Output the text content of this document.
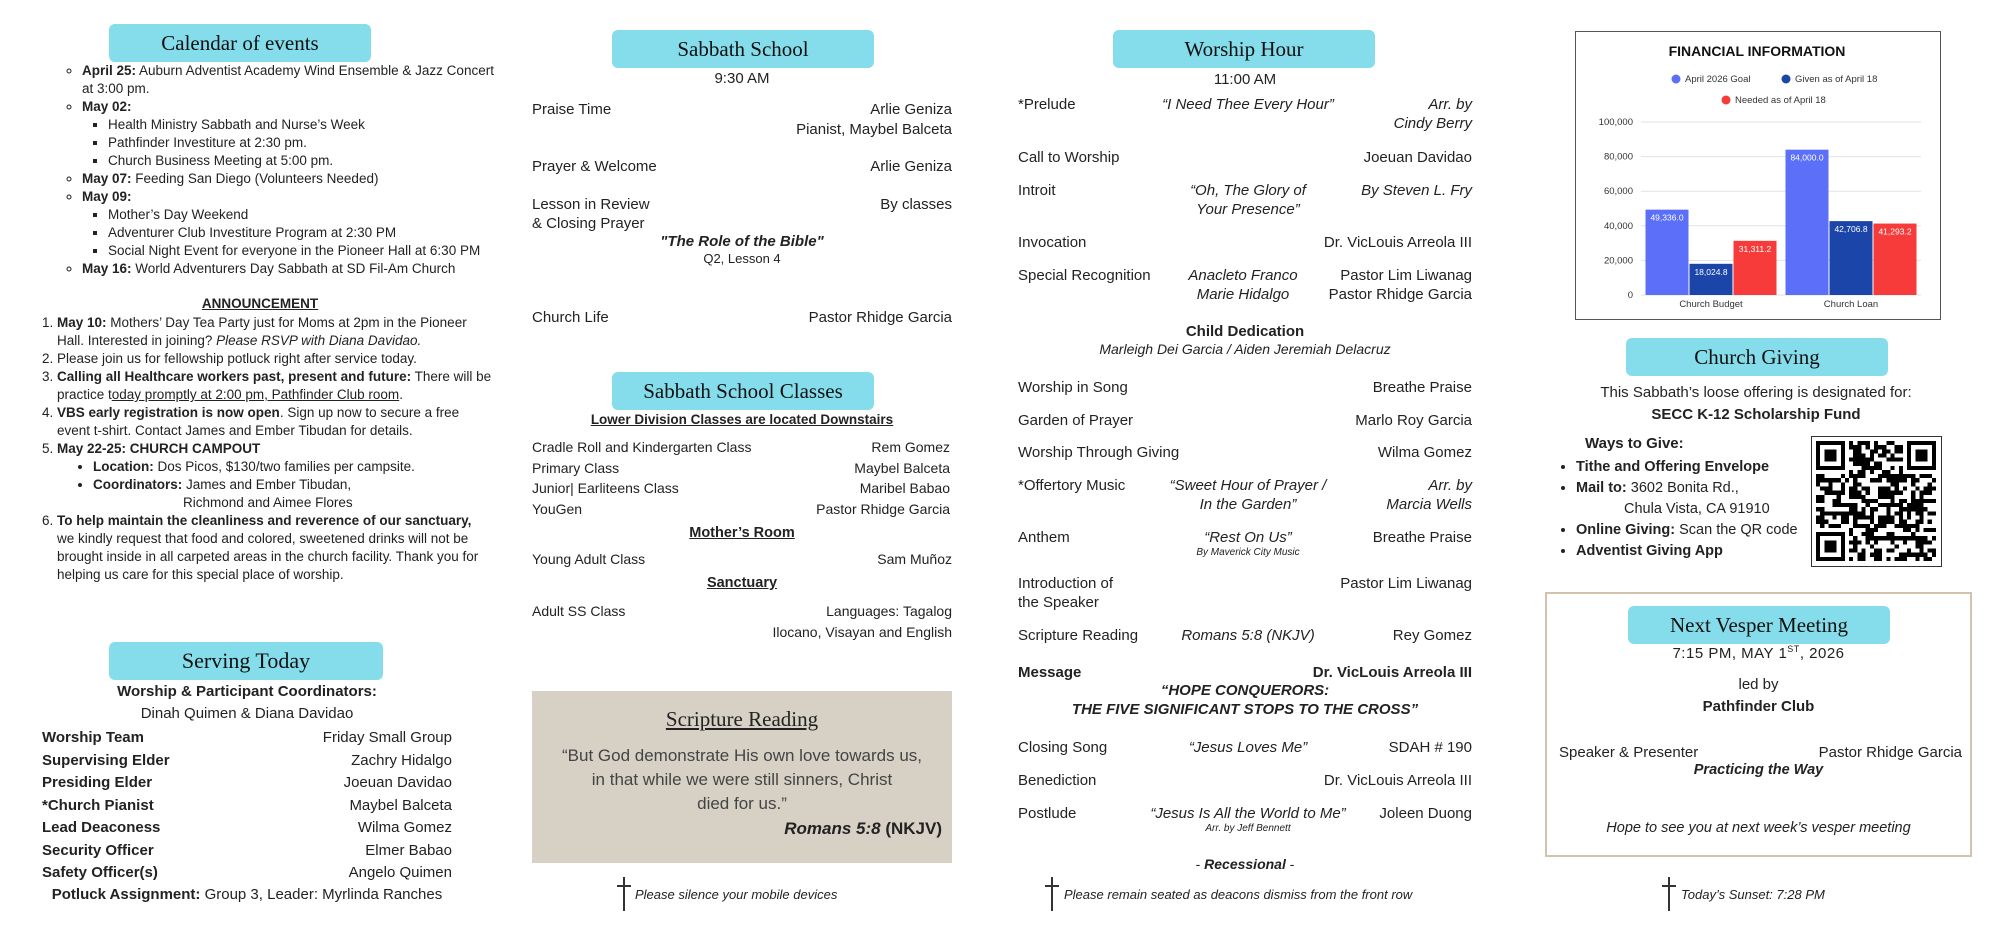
Calendar of events
◦ April 25: Auburn Adventist Academy Wind Ensemble & Jazz Concert at 3:00 pm.
◦ May 02:
▪ Health Ministry Sabbath and Nurse’s Week
▪ Pathfinder Investiture at 2:30 pm.
▪ Church Business Meeting at 5:00 pm.
◦ May 07: Feeding San Diego (Volunteers Needed)
◦ May 09:
▪ Mother’s Day Weekend
▪ Adventurer Club Investiture Program at 2:30 PM
▪ Social Night Event for everyone in the Pioneer Hall at 6:30 PM
◦ May 16: World Adventurers Day Sabbath at SD Fil-Am Church
ANNOUNCEMENT
1. May 10: Mothers’ Day Tea Party just for Moms at 2pm in the Pioneer Hall. Interested in joining? Please RSVP with Diana Davidao.
2. Please join us for fellowship potluck right after service today.
3. Calling all Healthcare workers past, present and future: There will be practice today promptly at 2:00 pm, Pathfinder Club room.
4. VBS early registration is now open. Sign up now to secure a free event t-shirt. Contact James and Ember Tibudan for details.
5. May 22-25: CHURCH CAMPOUT
• Location: Dos Picos, $130/two families per campsite.
• Coordinators: James and Ember Tibudan,
Richmond and Aimee Flores
6. To help maintain the cleanliness and reverence of our sanctuary, we kindly request that food and colored, sweetened drinks will not be brought inside in all carpeted areas in the church facility. Thank you for helping us care for this special place of worship.
Serving Today
Worship & Participant Coordinators:
Dinah Quimen & Diana Davidao
Worship Team	Friday Small Group
Supervising Elder	Zachry Hidalgo
Presiding Elder	Joeuan Davidao
*Church Pianist	Maybel Balceta
Lead Deaconess	Wilma Gomez
Security Officer	Elmer Babao
Safety Officer(s)	Angelo Quimen
Potluck Assignment: Group 3, Leader: Myrlinda Ranches
Sabbath School
9:30 AM
Praise Time	Arlie Geniza
Pianist, Maybel Balceta
Prayer & Welcome	Arlie Geniza
Lesson in Review	By classes
& Closing Prayer
"The Role of the Bible"
Q2, Lesson 4
Church Life	Pastor Rhidge Garcia
Sabbath School Classes
Lower Division Classes are located Downstairs
Cradle Roll and Kindergarten Class	Rem Gomez
Primary Class	Maybel Balceta
Junior| Earliteens Class	Maribel Babao
YouGen	Pastor Rhidge Garcia
Mother’s Room
Young Adult Class	Sam Muñoz
Sanctuary
Adult SS Class	Languages: Tagalog
Ilocano, Visayan and English
Scripture Reading
“But God demonstrate His own love towards us,
in that while we were still sinners, Christ
died for us.”
Romans 5:8 (NKJV)
Please silence your mobile devices
Worship Hour
11:00 AM
*Prelude	“I Need Thee Every Hour”	Arr. by
Cindy Berry
Call to Worship	Joeuan Davidao
Introit	“Oh, The Glory of	By Steven L. Fry
Your Presence”
Invocation	Dr. VicLouis Arreola III
Special Recognition	Anacleto Franco	Pastor Lim Liwanag
Marie Hidalgo	Pastor Rhidge Garcia
Child Dedication
Marleigh Dei Garcia / Aiden Jeremiah Delacruz
Worship in Song	Breathe Praise
Garden of Prayer	Marlo Roy Garcia
Worship Through Giving	Wilma Gomez
*Offertory Music	“Sweet Hour of Prayer /	Arr. by
In the Garden”	Marcia Wells
Anthem	“Rest On Us”	Breathe Praise
By Maverick City Music
Introduction of	Pastor Lim Liwanag
the Speaker
Scripture Reading	Romans 5:8 (NKJV)	Rey Gomez
Message	Dr. VicLouis Arreola III
“HOPE CONQUERORS:
THE FIVE SIGNIFICANT STOPS TO THE CROSS”
Closing Song	“Jesus Loves Me”	SDAH # 190
Benediction	Dr. VicLouis Arreola III
Postlude	“Jesus Is All the World to Me”	Joleen Duong
Arr. by Jeff Bennett
- Recessional -
Please remain seated as deacons dismiss from the front row
FINANCIAL INFORMATION
April 2026 Goal	Given as of April 18
Needed as of April 18
0
20,000
40,000
60,000
80,000
100,000
49,336.0
18,024.8
31,311.2
84,000.0
42,706.8 41,293.2
Church Budget	Church Loan
Church Giving
This Sabbath’s loose offering is designated for:
SECC K-12 Scholarship Fund
Ways to Give:
• Tithe and Offering Envelope
• Mail to: 3602 Bonita Rd.,
Chula Vista, CA 91910
• Online Giving: Scan the QR code
• Adventist Giving App
Next Vesper Meeting
7:15 PM, MAY 1ST, 2026
led by
Pathfinder Club
Speaker & Presenter	Pastor Rhidge Garcia
Practicing the Way
Hope to see you at next week’s vesper meeting
Today’s Sunset: 7:28 PM
